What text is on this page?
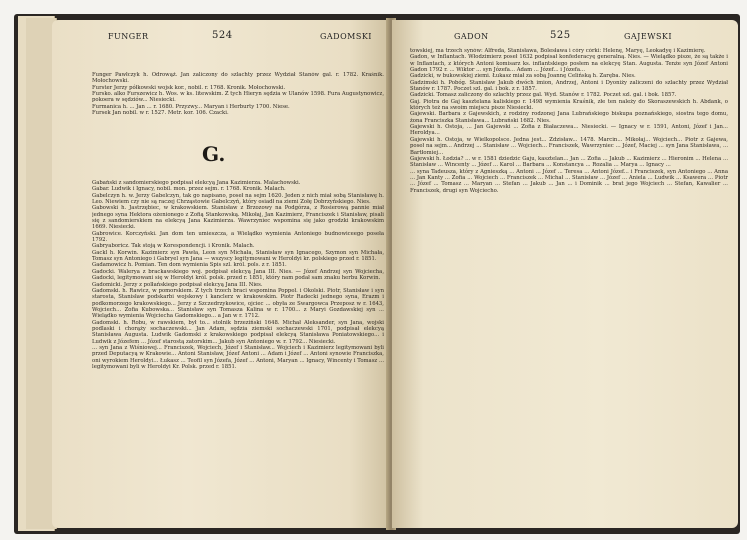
FUNGER	524	GADOMSKI

Funger Pawłczyk h. Odrowąż. Jan zaliczony do szlachty przez Wydział Stanów gal. r. 1782. Kraśnik. Mołochowski.

Furster Jerzy półkowski wojsk kor., nobil. r. 1768. Kronik. Mołochowski.

Fursko. alko Furszewicz h. Wos. w ks. litewskim. Z tych Hieryn sędzia w Ulanów 1598. Fura Augustynowicz, pokoera w sędziów... Niesiecki.

Furmanica h. ... Jan ... r. 1680. Przyzwy... Maryan i Herburty 1700. Niese.

Fursek Jan nobil. w r. 1527. Metr. kor. 106. Czacki.

G.

Gabański z sandomierskiego podpisał elekcyą Jana Kazimierza. Malachowski.

Gabar. Ludwik i Ignacy, nobil. mon. przez sejm. r. 1768. Kronik. Malach.

Gabelczyn h. w. Jerzy Gabelczyn, tak go napisano, poseł na sejm 1620. Jeden z nich miał sobą Stanisławę h. Leo. Niewiem czy nie są raczej Chrząstowie Gabelczyń, który osiadł na ziemi Zołę Dobrzyńskiego. Nies.

Gabowski h. Jastrzębiec, w krakowskiem. Stanisław z Brzozowy na Podgórza, z Rosierową pannie miał jednego syna Hektora ożenionego z Zofią Stankowską. Mikołaj, Jan Kazimierz, Franciszek i Stanisław, pisali się z sandomierskiem na elekcyą Jana Kazimierza. Wawrzyniec wspomina się jako grodzki krakowskim 1669. Niesiecki.

Gabrowice. Korczyński. Jan dom ten umieszcza, a Wielądko wymienia Antoniego budnowiceego poseła 1792.

Gabryaboricz. Tak stoją w Korespondencji. i Kronik. Malach.

Gackl h. Korwin. Kazimierz syn Pawła, Leon syn Michała, Stanisław syn Ignacego, Szymon syn Michała, Tomasz syn Antoniego i Gabryel syn Jana — wszyscy legitymowani w Heroldyi kr. polskiego przed r. 1851.

Gadamowicz h. Pomian. Ten dom wymienia Spis szl. król. pols. z r. 1851.

Gadocki. Walerya z brackawskiego woj. podpisał elekcyą Jana III. Nies. — Józef Andrzej syn Wojciecha, Gadocki, legitymowani się w Heroldyi król. polsk. przed r. 1851, który nam podał sam znaku herbu Korwin.

Gadomicki. Jerzy z polłańskiego podpisał elekcyą Jana III. Nies.

Gadomski. h. Rawicz, w pomorskiem. Z tych trzech braci wspomina Poppeł. i Okolski. Piotr, Stanisław i syn starosta, Stanisław podskarbi wojskowy i kanclerz w krakowskim. Piotr Radecki jednego syna, Erazm i podkomorzego krakowskiego... Jerzy z Szczedrzykowice, ojciec ... obyła ze Swargowca Przeposz w r. 1643, Wojciech... Zofia Kubowska... Stanisław syn Tomasza Kalina w r. 1700... z Maryi Gozdawskiej syn ... Wielądko wymienia Wojciecha Gadomskiego... a Jan w r. 1712.

Gadomski. h. Robu, w rawskiem, był to... stolnik brzeziński 1648. Michał Aleksander, syn Jana, wojski podlaski i chorąży sochaczewski... Jan Adam, sędzia ziemski sochaczewski 1701, podpisał elekcyą Stanisława Augusta. Ludwik Gadomski z krakowskiego podpisał elekcyą Stanisława Poniatowskiego... i Ludwik z Józefem ... Józef starostą zatorskim... Jakub syn Antoniego w. r. 1792... Niesiecki.

... syn Jana z Wiśniowej... Franciszek, Wojciech, Józef i Stanisław... Wojciech i Kazimierz legitymowani byli przed Deputacyą w Krakowie... Antoni Stanisław, Józef Antoni ... Adam i Józef ... Antoni synowie Franciszka, oni wyrokiem Heroldyi... Łukasz ... Teofil syn Józefa, Józef ... Antoni, Maryan ... Ignacy, Wincenty i Tomasz ... legitymowani byli w Heroldyi Kr. Polsk. przed r. 1851.

GADON	525	GAJEWSKI

towskiej, ma trzech synów: Alfreda, Stanisława, Bolesława i córy córki: Helenę, Maryę, Leokadyę i Kazimierę.

Gadon, w Inflantach. Włodzimierz poseł 1632 podpisał konfederacyę generalną. Nies. — Wielądko pisze, że są także i w Inflantach, z których Antoni komisarz ks. inflantskiego posłem na elekcyę Stan. Augusta. Tenże syn Józef Antoni Gadon 1792 r. ... Wiktor ... syn Józefa... Adam ... Józef... i Józefa...

Gadzicki, w bukowskiej ziemi. Łukasz miał za sobą Joannę Celińską h. Zaręba. Nies.

Gadzimski h. Pobóg. Stanisław Jakub dwóch imion, Andrzej, Antoni i Dyoniży zaliczeni do szlachty przez Wydział Stanów r. 1787. Poczet szl. gal. i bok. z r. 1857.

Gadzicki. Tomasz zaliczony do szlachty przez gal. Wyd. Stanów r. 1782. Poczet szl. gal. i bok. 1857.

Gaj. Piotra de Gaj kasztelana kaliskiego r. 1498 wymienia Kraśnik, złe ten należy do Skoraszewskich h. Abdank, o których też na swoim miejscu pisze Niesiecki.

Gajewski. Barbara z Gajewskich, z rodziny rodzonej Jana Lubrańskiego biskupa poznańskiego, siostra tego domu, żona Franciszka Stanisława... Lubrański 1682. Nies.

Gajewski h. Ostoja, ... Jan Gajewski ... Zofia z Białaczewa... Niesiecki. — Ignacy w r. 1591, Antoni, Józef i Jan... Heroldya...

Gajewski h. Ostoja, w Wielkopolsce. Jedna jest... Zdzisław... 1478. Marcin... Mikołaj... Wojciech... Piotr z Gajewa, poseł na sejm... Andrzej ... Stanisław ... Wojciech... Franciszek, Wawrzyniec ... Józef, Maciej ... syn Jana Stanisława, ... Bartłomiej...

Gajewski h. Łodzia? ... w r. 1581 dziedzic Gaju, kasztelan... Jan ... Zofia ... Jakub ... Kazimierz ... Hieronim ... Helena ... Stanisław ... Wincenty ... Józef ... Karol ... Barbara ... Konstancya ... Rozalia ... Marya ... Ignacy ...

... syna Tadeusza, który z Agnieszką ... Antoni ... Józef ... Teresa ... Antoni Józef... i Franciszek, syn Antoniego ... Anna ... Jan Kanty ... Zofia ... Wojciech ... Franciszek ... Michał ... Stanisław ... Józef ... Aniela ... Ludwik ... Ksawera ... Piotr ... Józef ... Tomasz ... Maryan ... Stefan ... Jakub ... Jan ... i Dominik ... brat jego Wojciech ... Stefan, Kawalier ... Franciszek, drugi syn Wojciecho.
